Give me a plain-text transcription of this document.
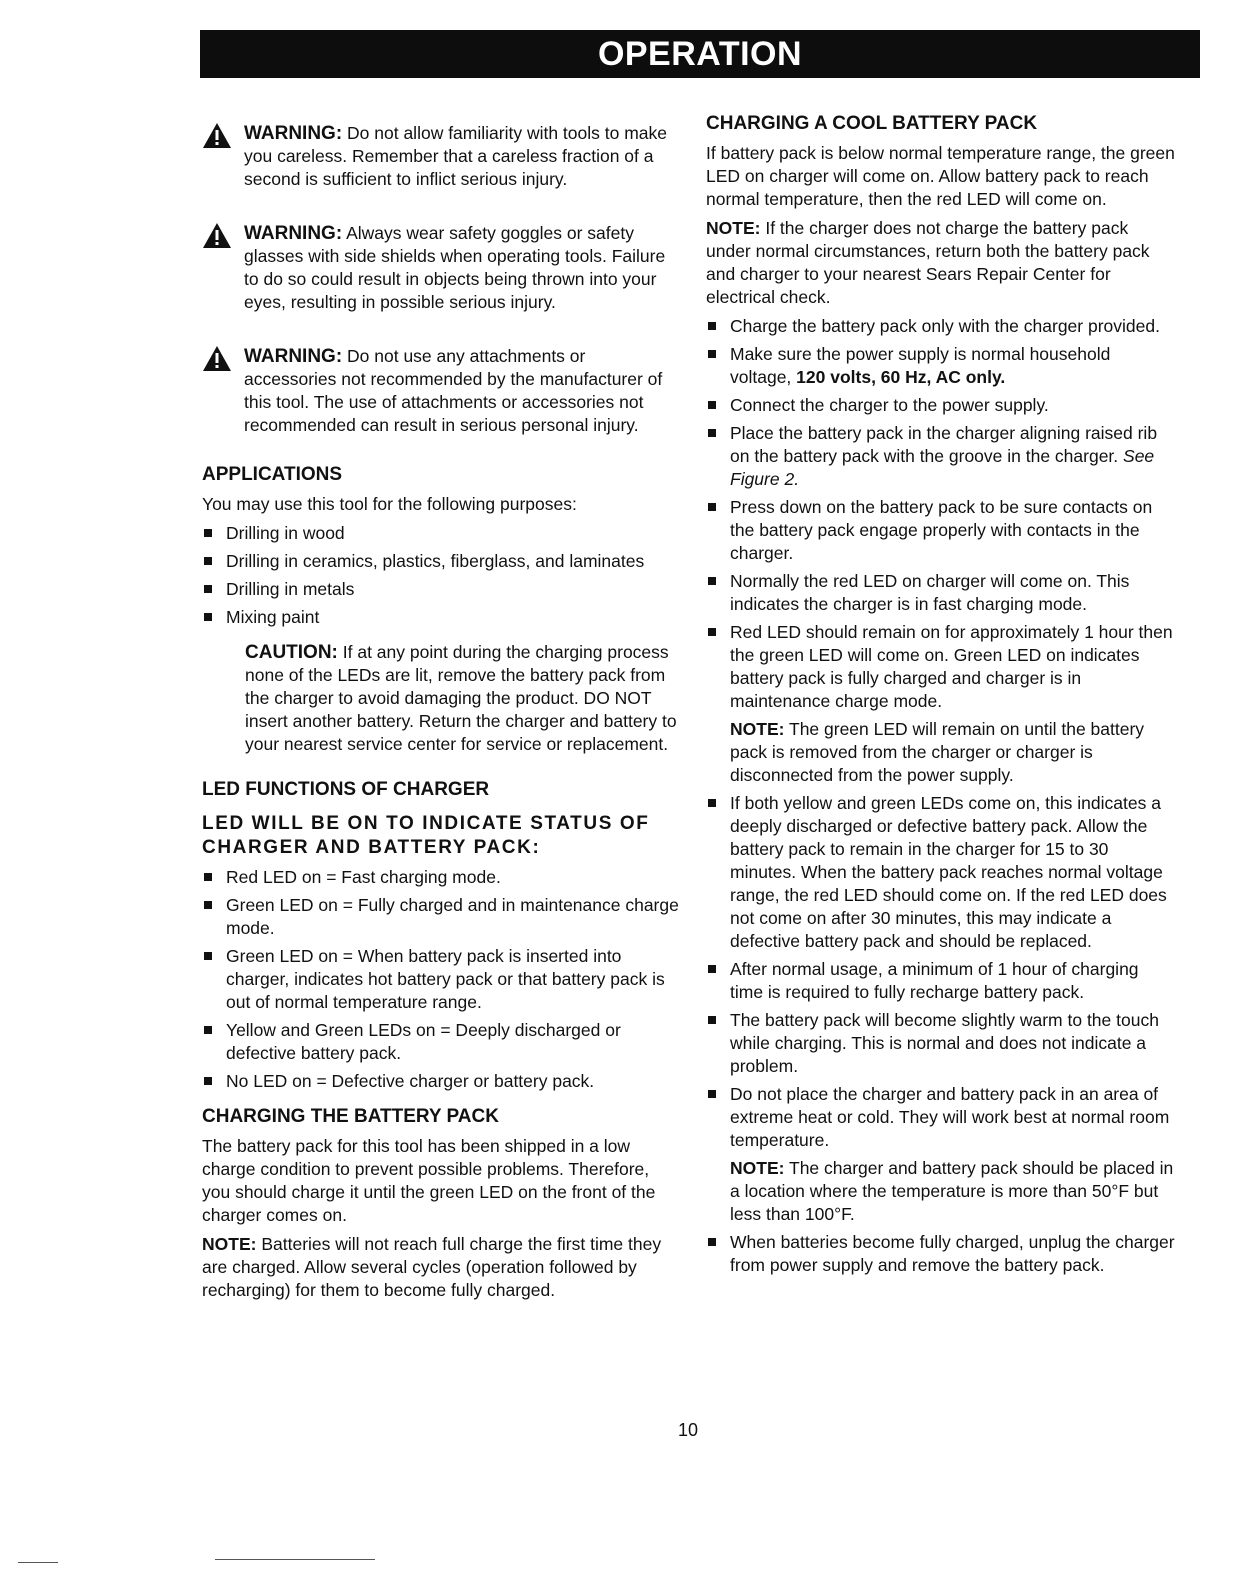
OPERATION

WARNING: Do not allow familiarity with tools to make you careless. Remember that a careless fraction of a second is sufficient to inflict serious injury.

WARNING: Always wear safety goggles or safety glasses with side shields when operating tools. Failure to do so could result in objects being thrown into your eyes, resulting in possible serious injury.

WARNING: Do not use any attachments or accessories not recommended by the manufacturer of this tool. The use of attachments or accessories not recommended can result in serious personal injury.

APPLICATIONS

You may use this tool for the following purposes:

Drilling in wood
Drilling in ceramics, plastics, fiberglass, and laminates
Drilling in metals
Mixing paint

CAUTION: If at any point during the charging process none of the LEDs are lit, remove the battery pack from the charger to avoid damaging the product. DO NOT insert another battery. Return the charger and battery to your nearest service center for service or replacement.

LED FUNCTIONS OF CHARGER
LED WILL BE ON TO INDICATE STATUS OF CHARGER AND BATTERY PACK:
Red LED on = Fast charging mode.
Green LED on = Fully charged and in maintenance charge mode.
Green LED on = When battery pack is inserted into charger, indicates hot battery pack or that battery pack is out of normal temperature range.
Yellow and Green LEDs on = Deeply discharged or defective battery pack.
No LED on = Defective charger or battery pack.
CHARGING THE BATTERY PACK

The battery pack for this tool has been shipped in a low charge condition to prevent possible problems. Therefore, you should charge it until the green LED on the front of the charger comes on.

NOTE: Batteries will not reach full charge the first time they are charged. Allow several cycles (operation followed by recharging) for them to become fully charged.

CHARGING A COOL BATTERY PACK

If battery pack is below normal temperature range, the green LED on charger will come on. Allow battery pack to reach normal temperature, then the red LED will come on.

NOTE: If the charger does not charge the battery pack under normal circumstances, return both the battery pack and charger to your nearest Sears Repair Center for electrical check.

Charge the battery pack only with the charger provided.
Make sure the power supply is normal household voltage, 120 volts, 60 Hz, AC only.
Connect the charger to the power supply.
Place the battery pack in the charger aligning raised rib on the battery pack with the groove in the charger. See Figure 2.
Press down on the battery pack to be sure contacts on the battery pack engage properly with contacts in the charger.
Normally the red LED on charger will come on. This indicates the charger is in fast charging mode.
Red LED should remain on for approximately 1 hour then the green LED will come on. Green LED on indicates battery pack is fully charged and charger is in maintenance charge mode.

NOTE: The green LED will remain on until the battery pack is removed from the charger or charger is disconnected from the power supply.

If both yellow and green LEDs come on, this indicates a deeply discharged or defective battery pack. Allow the battery pack to remain in the charger for 15 to 30 minutes. When the battery pack reaches normal voltage range, the red LED should come on. If the red LED does not come on after 30 minutes, this may indicate a defective battery pack and should be replaced.
After normal usage, a minimum of 1 hour of charging time is required to fully recharge battery pack.
The battery pack will become slightly warm to the touch while charging. This is normal and does not indicate a problem.
Do not place the charger and battery pack in an area of extreme heat or cold. They will work best at normal room temperature.

NOTE: The charger and battery pack should be placed in a location where the temperature is more than 50°F but less than 100°F.

When batteries become fully charged, unplug the charger from power supply and remove the battery pack.
10
